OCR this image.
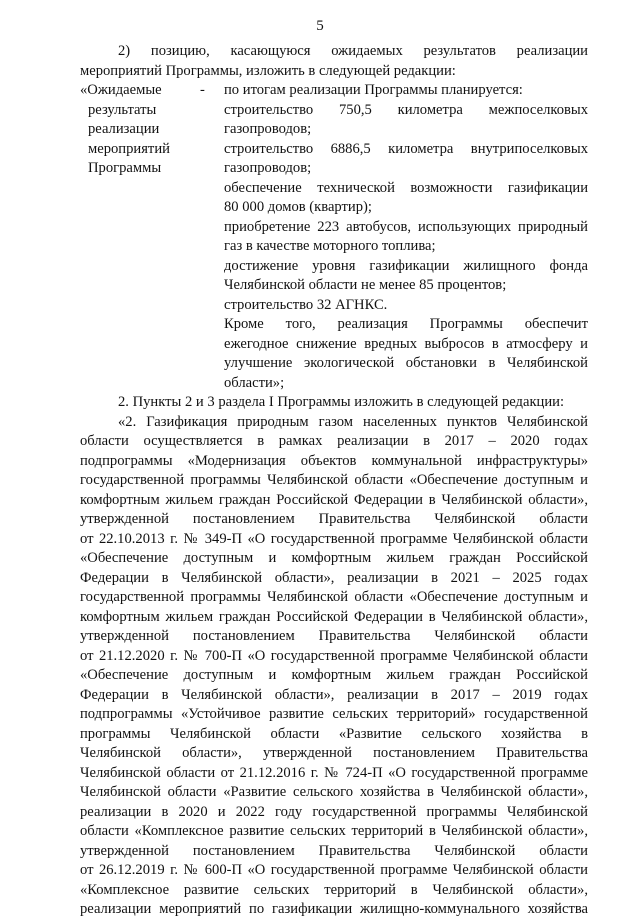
5
2) позицию, касающуюся ожидаемых результатов реализации
мероприятий Программы, изложить в следующей редакции:
«Ожидаемые
результаты
реализации
мероприятий
Программы
-	по итогам реализации Программы планируется:
строительство 750,5 километра межпоселковых
газопроводов;
строительство 6886,5 километра внутрипоселковых
газопроводов;
обеспечение технической возможности газификации
80 000 домов (квартир);
приобретение 223 автобусов, использующих природный
газ в качестве моторного топлива;
достижение уровня газификации жилищного фонда
Челябинской области не менее 85 процентов;
строительство 32 АГНКС.
Кроме того, реализация Программы обеспечит
ежегодное снижение вредных выбросов в атмосферу и
улучшение экологической обстановки в Челябинской
области»;
2. Пункты 2 и 3 раздела I Программы изложить в следующей редакции:
«2. Газификация природным газом населенных пунктов Челябинской
области осуществляется в рамках реализации в 2017 – 2020 годах
подпрограммы «Модернизация объектов коммунальной инфраструктуры»
государственной программы Челябинской области «Обеспечение доступным и
комфортным жильем граждан Российской Федерации в Челябинской области»,
утвержденной постановлением Правительства Челябинской области
от 22.10.2013 г. № 349-П «О государственной программе Челябинской области
«Обеспечение доступным и комфортным жильем граждан Российской
Федерации в Челябинской области», реализации в 2021 – 2025 годах
государственной программы Челябинской области «Обеспечение доступным и
комфортным жильем граждан Российской Федерации в Челябинской области»,
утвержденной постановлением Правительства Челябинской области
от 21.12.2020 г. № 700-П «О государственной программе Челябинской области
«Обеспечение доступным и комфортным жильем граждан Российской
Федерации в Челябинской области», реализации в 2017 – 2019 годах
подпрограммы «Устойчивое развитие сельских территорий» государственной
программы Челябинской области «Развитие сельского хозяйства в
Челябинской области», утвержденной постановлением Правительства
Челябинской области от 21.12.2016 г. № 724-П «О государственной программе
Челябинской области «Развитие сельского хозяйства в Челябинской области»,
реализации в 2020 и 2022 году государственной программы Челябинской
области «Комплексное развитие сельских территорий в Челябинской области»,
утвержденной постановлением Правительства Челябинской области
от 26.12.2019 г. № 600-П «О государственной программе Челябинской области
«Комплексное развитие сельских территорий в Челябинской области»,
реализации мероприятий по газификации жилищно-коммунального хозяйства
